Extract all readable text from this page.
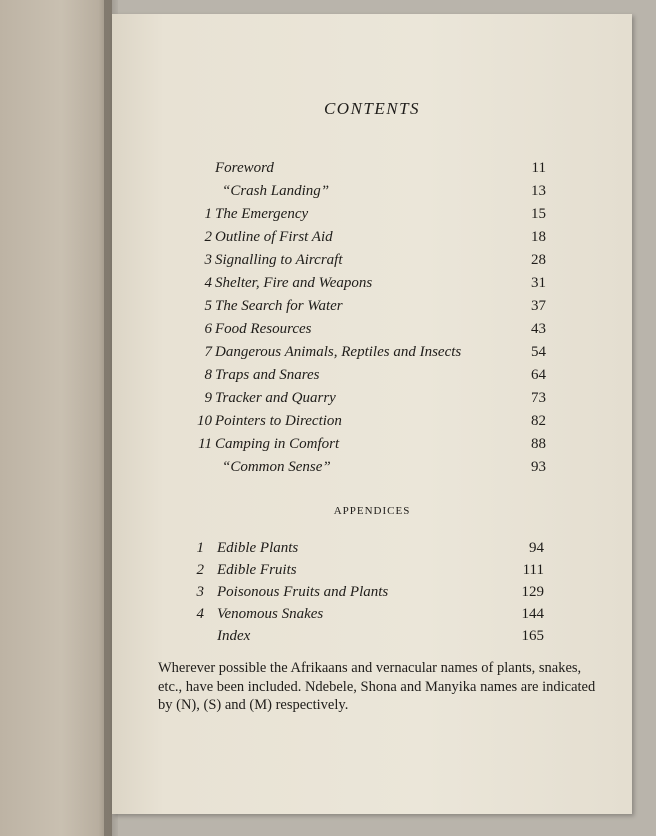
CONTENTS
Foreword	11
“Crash Landing”	13
1 The Emergency	15
2 Outline of First Aid	18
3 Signalling to Aircraft	28
4 Shelter, Fire and Weapons	31
5 The Search for Water	37
6 Food Resources	43
7 Dangerous Animals, Reptiles and Insects	54
8 Traps and Snares	64
9 Tracker and Quarry	73
10 Pointers to Direction	82
11 Camping in Comfort	88
“Common Sense”	93
APPENDICES
1 Edible Plants	94
2 Edible Fruits	111
3 Poisonous Fruits and Plants	129
4 Venomous Snakes	144
Index	165
Wherever possible the Afrikaans and vernacular names of plants, snakes, etc., have been included. Ndebele, Shona and Manyika names are indicated by (N), (S) and (M) respectively.
